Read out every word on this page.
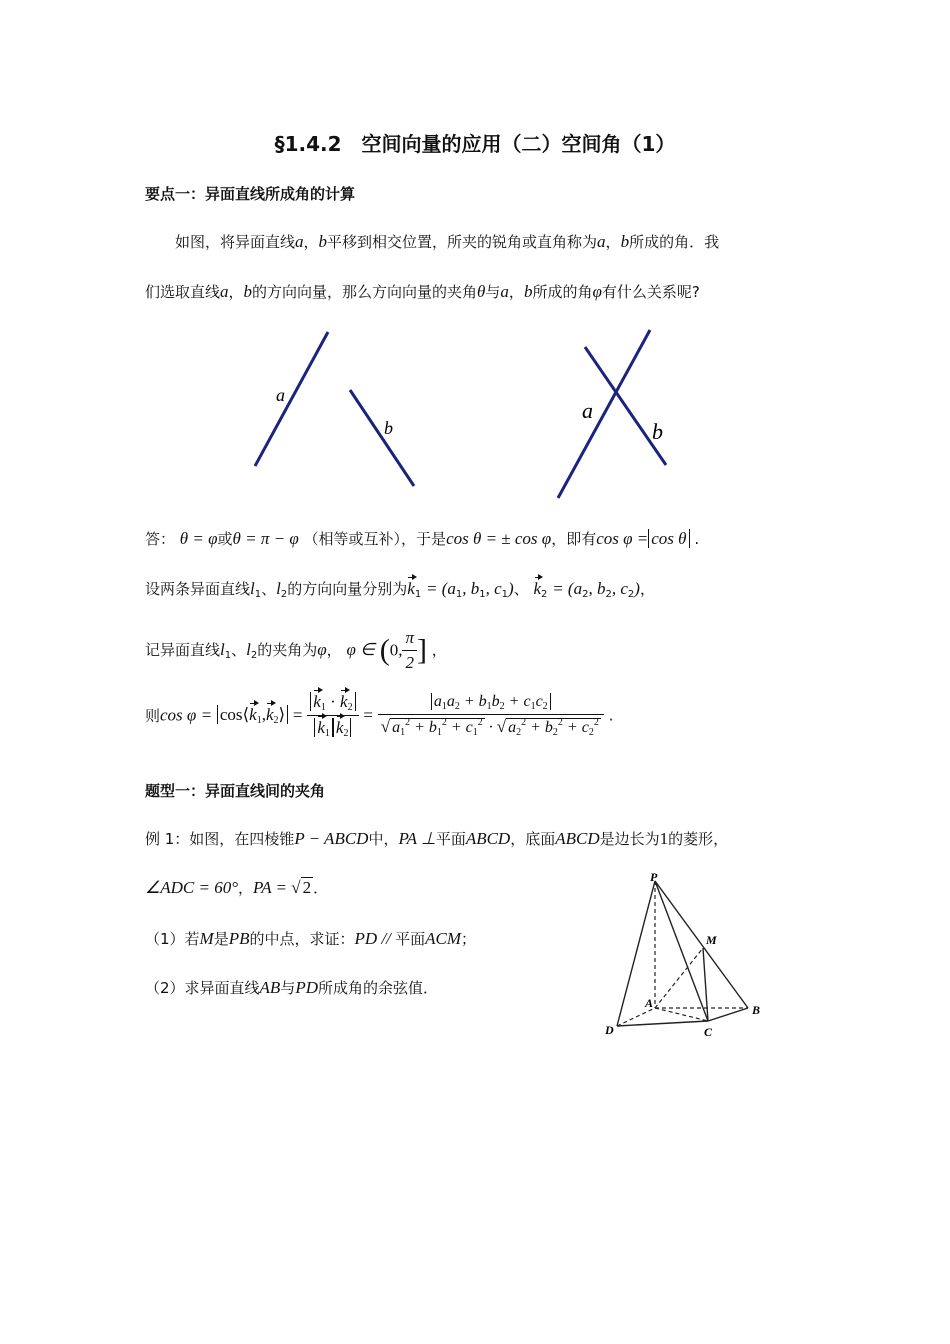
§1.4.2　空间向量的应用（二）空间角（1）
要点一：异面直线所成角的计算
如图，将异面直线a，b平移到相交位置，所夹的锐角或直角称为a，b所成的角．我
们选取直线a，b的方向向量，那么方向向量的夹角θ与a，b所成的角φ有什么关系呢?
a
b
a
b
答： θ = φ或θ = π − φ （相等或互补），于是cos θ = ± cos φ，即有cos φ = cos θ .
设两条异面直线$l_1$、$l_2$的方向向量分别为$k_1 = (a_1$, $b_1$, $c_1$)、 $k_2 = (a_2$, $b_2$, $c_2$)，
记异面直线$l_1$、$l_2$的夹角为φ， φ ∈ (0, $\frac{\pi}{2}$ ] ，
则$\cos \varphi = \cos⟨k_1,k_2⟩ = \frac{k_1 \cdot k_2}{k_1 k_2} = \frac{a_1a_2 + b_1b_2 + c_1c_2}{√ a_1^2 + b_1^2 + c_1^2 \cdot √ a_2^2 + b_2^2 + c_2^2}$ .
题型一：异面直线间的夹角
例 1：如图，在四棱锥P − ABCD中，PA ⊥平面ABCD，底面ABCD是边长为1的菱形，
∠ADC = 60°，PA = √ 2 ．
（1）若M是PB的中点，求证：PD // 平面ACM；
（2）求异面直线AB与PD所成角的余弦值．
P
M
A	B
C
D
